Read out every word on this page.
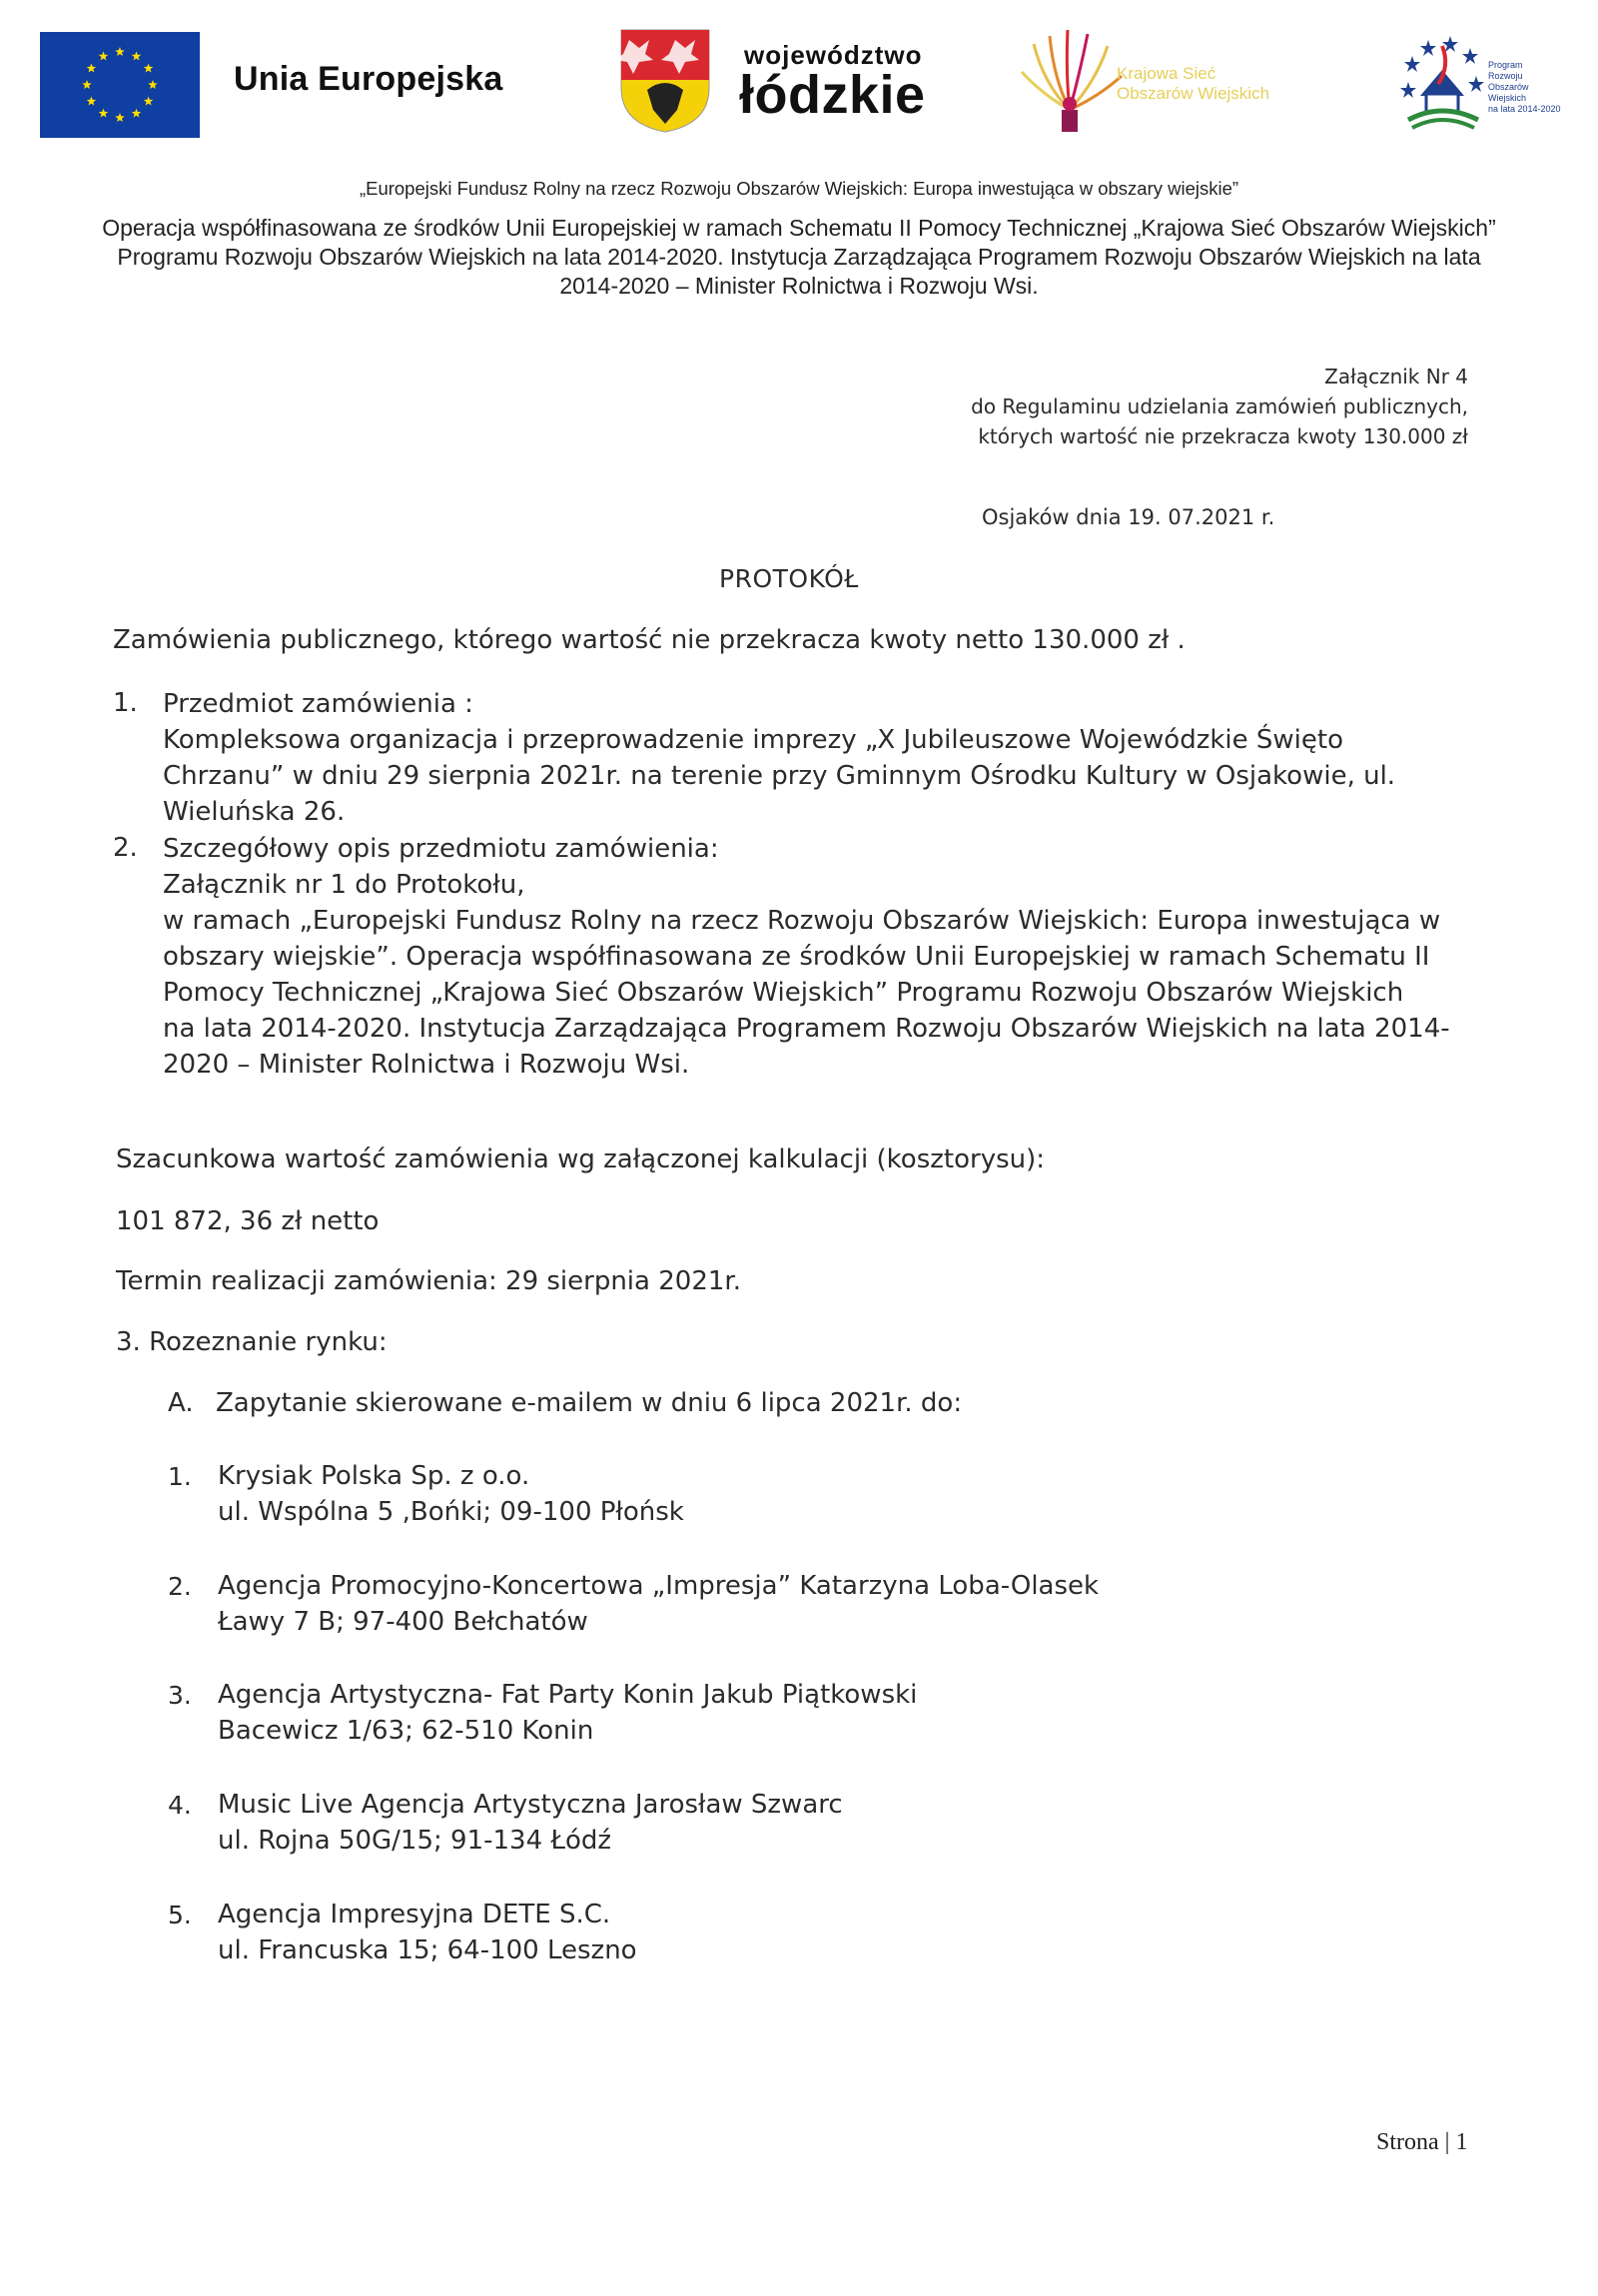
Unia Europejska
województwo
łódzkie	Krajowa Sieć
Obszarów Wiejskich
Program
Rozwoju
Obszarów
Wiejskich
na lata 2014-2020
„Europejski Fundusz Rolny na rzecz Rozwoju Obszarów Wiejskich: Europa inwestująca w obszary wiejskie”
Operacja współfinasowana ze środków Unii Europejskiej w ramach Schematu II Pomocy Technicznej „Krajowa Sieć Obszarów Wiejskich”
Programu Rozwoju Obszarów Wiejskich na lata 2014-2020. Instytucja Zarządzająca Programem Rozwoju Obszarów Wiejskich na lata
2014-2020 – Minister Rolnictwa i Rozwoju Wsi.
Załącznik Nr 4
do Regulaminu udzielania zamówień publicznych,
których wartość nie przekracza kwoty 130.000 zł
Osjaków dnia 19. 07.2021 r.
PROTOKÓŁ
Zamówienia publicznego, którego wartość nie przekracza kwoty netto 130.000 zł .
1. Przedmiot zamówienia :
Kompleksowa organizacja i przeprowadzenie imprezy „X Jubileuszowe Wojewódzkie Święto
Chrzanu” w dniu 29 sierpnia 2021r. na terenie przy Gminnym Ośrodku Kultury w Osjakowie, ul.
Wieluńska 26.
2. Szczegółowy opis przedmiotu zamówienia:
Załącznik nr 1 do Protokołu,
w ramach „Europejski Fundusz Rolny na rzecz Rozwoju Obszarów Wiejskich: Europa inwestująca w
obszary wiejskie”. Operacja współfinasowana ze środków Unii Europejskiej w ramach Schematu II
Pomocy Technicznej „Krajowa Sieć Obszarów Wiejskich” Programu Rozwoju Obszarów Wiejskich
na lata 2014-2020. Instytucja Zarządzająca Programem Rozwoju Obszarów Wiejskich na lata 2014-
2020 – Minister Rolnictwa i Rozwoju Wsi.
Szacunkowa wartość zamówienia wg załączonej kalkulacji (kosztorysu):
101 872, 36 zł netto
Termin realizacji zamówienia: 29 sierpnia 2021r.
3. Rozeznanie rynku:
A. Zapytanie skierowane e-mailem w dniu 6 lipca 2021r. do:
1. Krysiak Polska Sp. z o.o.
ul. Wspólna 5 ,Bońki; 09-100 Płońsk
2. Agencja Promocyjno-Koncertowa „Impresja” Katarzyna Loba-Olasek
Ławy 7 B; 97-400 Bełchatów
3. Agencja Artystyczna- Fat Party Konin Jakub Piątkowski
Bacewicz 1/63; 62-510 Konin
4. Music Live Agencja Artystyczna Jarosław Szwarc
ul. Rojna 50G/15; 91-134 Łódź
5. Agencja Impresyjna DETE S.C.
ul. Francuska 15; 64-100 Leszno
Strona | 1
